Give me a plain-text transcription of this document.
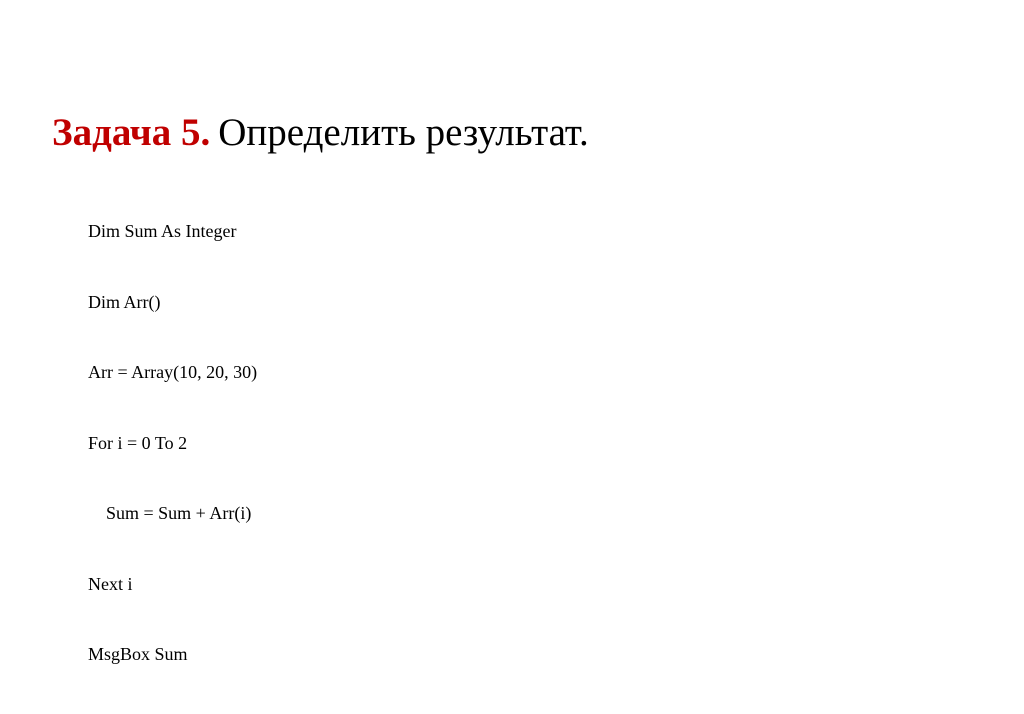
Задача 5. Определить результат.

Dim Sum As Integer

Dim Arr()

Arr = Array(10, 20, 30)

For i = 0 To 2

Sum = Sum + Arr(i)

Next i

MsgBox Sum
